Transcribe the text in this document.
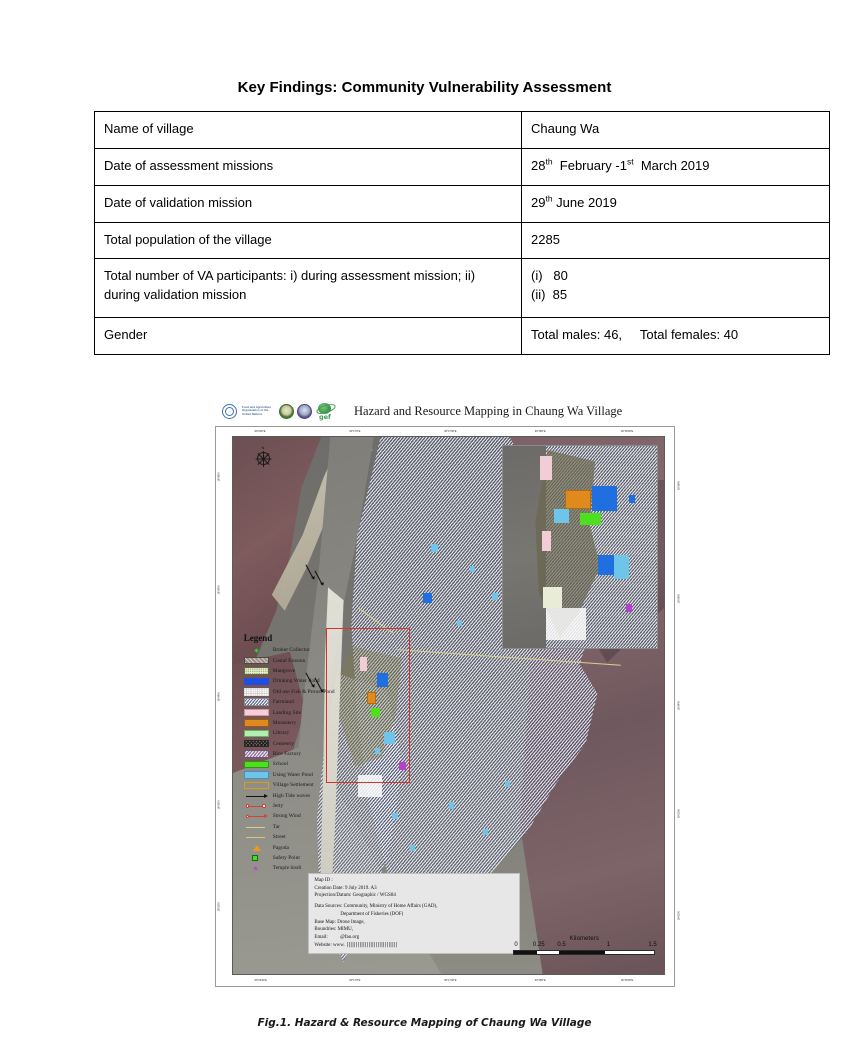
Key Findings: Community Vulnerability Assessment
Name of village	Chaung Wa
Date of assessment missions	28th  February -1st  March 2019
Date of validation mission	29th June 2019
Total population of the village	2285
Total number of VA participants: i) during assessment mission; ii) during validation mission	(i)   80
(ii)  85

Gender	Total males: 46,     Total females: 40
Food and Agriculture Organization of the United Nations	gef Hazard and Resource Mapping in Chaung Wa Village
90°10'0"E	90°17'0"E	90°17'30"E	90°18'0"E	90°18'30"E
90°16'30"E	90°17'0"E	90°17'30"E	90°18'0"E	90°18'30"E
16°06'N
16°05'N
16°04'N
16°03'N
16°02'N
16°06'N
16°05'N
16°04'N
16°03'N
16°02'N
N
Legend
Broker Collector
Costal Erosion
Mangrove
Drinking Water Pond
Old use Fish & Prown Pond
Farmland
Landing Site
Monastery
Library
Cemetery
Rice Factory
School
Using Water Pond
Village Settlement
High Tide waves
Jetty
Strong Wind
Tar
Street
Pagoda
Safety Point
Temple hisdi
Map ID :
Creation Date: 9 July 2019. A3
Projection/Datum: Geographic / WGS84
Data Sources: Community, Ministry of Home Affairs (GAD),
Department of Fisheries (DOF)
Base Map: Drone Image,
Boundries: MIMU,
Email:          @fao.org
Website: www. ||||||||||||||||||||||||||||
Kilometers
0	0.25 0.5	1	1.5
Fig.1. Hazard & Resource Mapping of Chaung Wa Village
